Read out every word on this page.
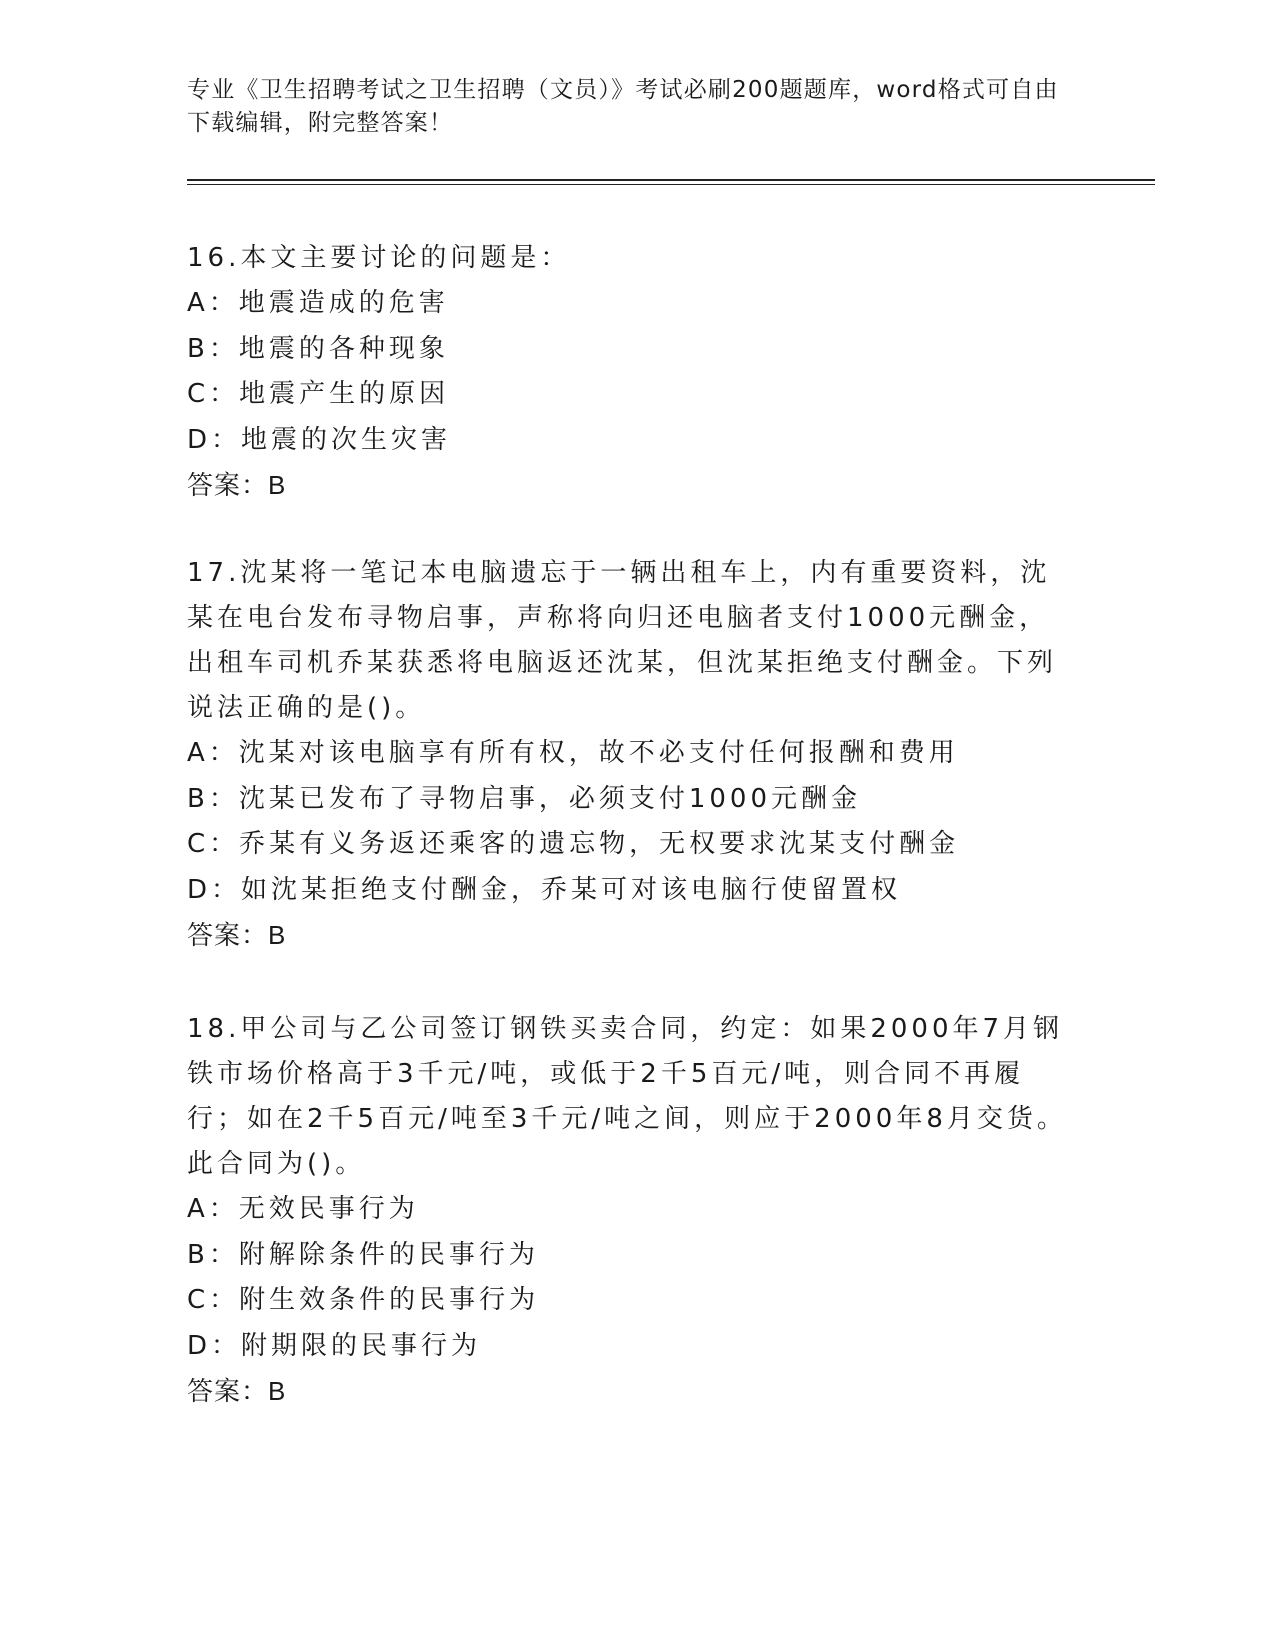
专业《卫生招聘考试之卫生招聘（文员）》考试必刷200题题库，word格式可自由下载编辑，附完整答案！
16.本文主要讨论的问题是：
A：地震造成的危害
B：地震的各种现象
C：地震产生的原因
D：地震的次生灾害
答案：B
17.沈某将一笔记本电脑遗忘于一辆出租车上，内有重要资料，沈某在电台发布寻物启事，声称将向归还电脑者支付1000元酬金，出租车司机乔某获悉将电脑返还沈某，但沈某拒绝支付酬金。下列说法正确的是()。
A：沈某对该电脑享有所有权，故不必支付任何报酬和费用
B：沈某已发布了寻物启事，必须支付1000元酬金
C：乔某有义务返还乘客的遗忘物，无权要求沈某支付酬金
D：如沈某拒绝支付酬金，乔某可对该电脑行使留置权
答案：B
18.甲公司与乙公司签订钢铁买卖合同，约定：如果2000年7月钢铁市场价格高于3千元/吨，或低于2千5百元/吨，则合同不再履行；如在2千5百元/吨至3千元/吨之间，则应于2000年8月交货。此合同为()。
A：无效民事行为
B：附解除条件的民事行为
C：附生效条件的民事行为
D：附期限的民事行为
答案：B
